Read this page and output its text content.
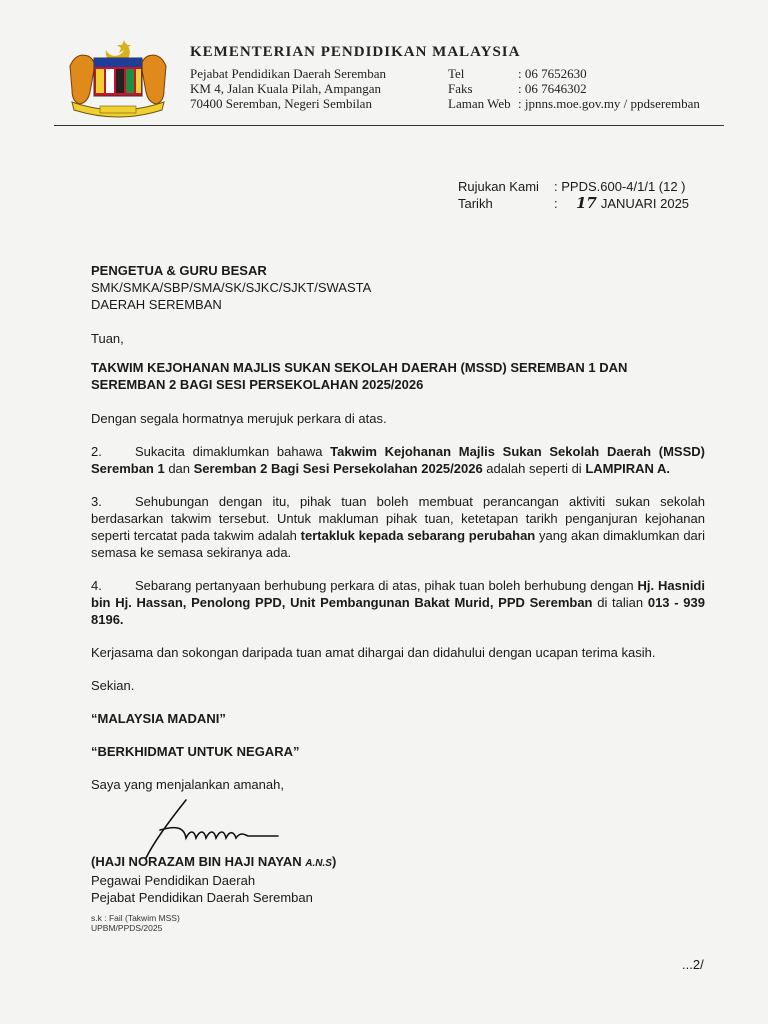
KEMENTERIAN PENDIDIKAN MALAYSIA
Pejabat Pendidikan Daerah Seremban
KM 4, Jalan Kuala Pilah, Ampangan
70400 Seremban, Negeri Sembilan
Tel	: 06 7652630
Faks	: 06 7646302
Laman Web : jpnns.moe.gov.my / ppdseremban
Rujukan Kami	: PPDS.600-4/1/1 (12 )
Tarikh	:	17 JANUARI 2025
PENGETUA & GURU BESAR
SMK/SMKA/SBP/SMA/SK/SJKC/SJKT/SWASTA
DAERAH SEREMBAN

Tuan,

TAKWIM KEJOHANAN MAJLIS SUKAN SEKOLAH DAERAH (MSSD) SEREMBAN 1 DAN SEREMBAN 2 BAGI SESI PERSEKOLAHAN 2025/2026

Dengan segala hormatnya merujuk perkara di atas.

2.	Sukacita dimaklumkan bahawa Takwim Kejohanan Majlis Sukan Sekolah Daerah (MSSD) Seremban 1 dan Seremban 2 Bagi Sesi Persekolahan 2025/2026 adalah seperti di LAMPIRAN A.

3.	Sehubungan dengan itu, pihak tuan boleh membuat perancangan aktiviti sukan sekolah berdasarkan takwim tersebut. Untuk makluman pihak tuan, ketetapan tarikh penganjuran kejohanan seperti tercatat pada takwim adalah tertakluk kepada sebarang perubahan yang akan dimaklumkan dari semasa ke semasa sekiranya ada.

4.	Sebarang pertanyaan berhubung perkara di atas, pihak tuan boleh berhubung dengan Hj. Hasnidi bin Hj. Hassan, Penolong PPD, Unit Pembangunan Bakat Murid, PPD Seremban di talian 013 - 939 8196.

Kerjasama dan sokongan daripada tuan amat dihargai dan didahului dengan ucapan terima kasih.

Sekian.

“MALAYSIA MADANI”

“BERKHIDMAT UNTUK NEGARA”

Saya yang menjalankan amanah,

(HAJI NORAZAM BIN HAJI NAYAN A.N.S)
Pegawai Pendidikan Daerah
Pejabat Pendidikan Daerah Seremban
s.k : Fail (Takwim MSS)
UPBM/PPDS/2025
...2/
